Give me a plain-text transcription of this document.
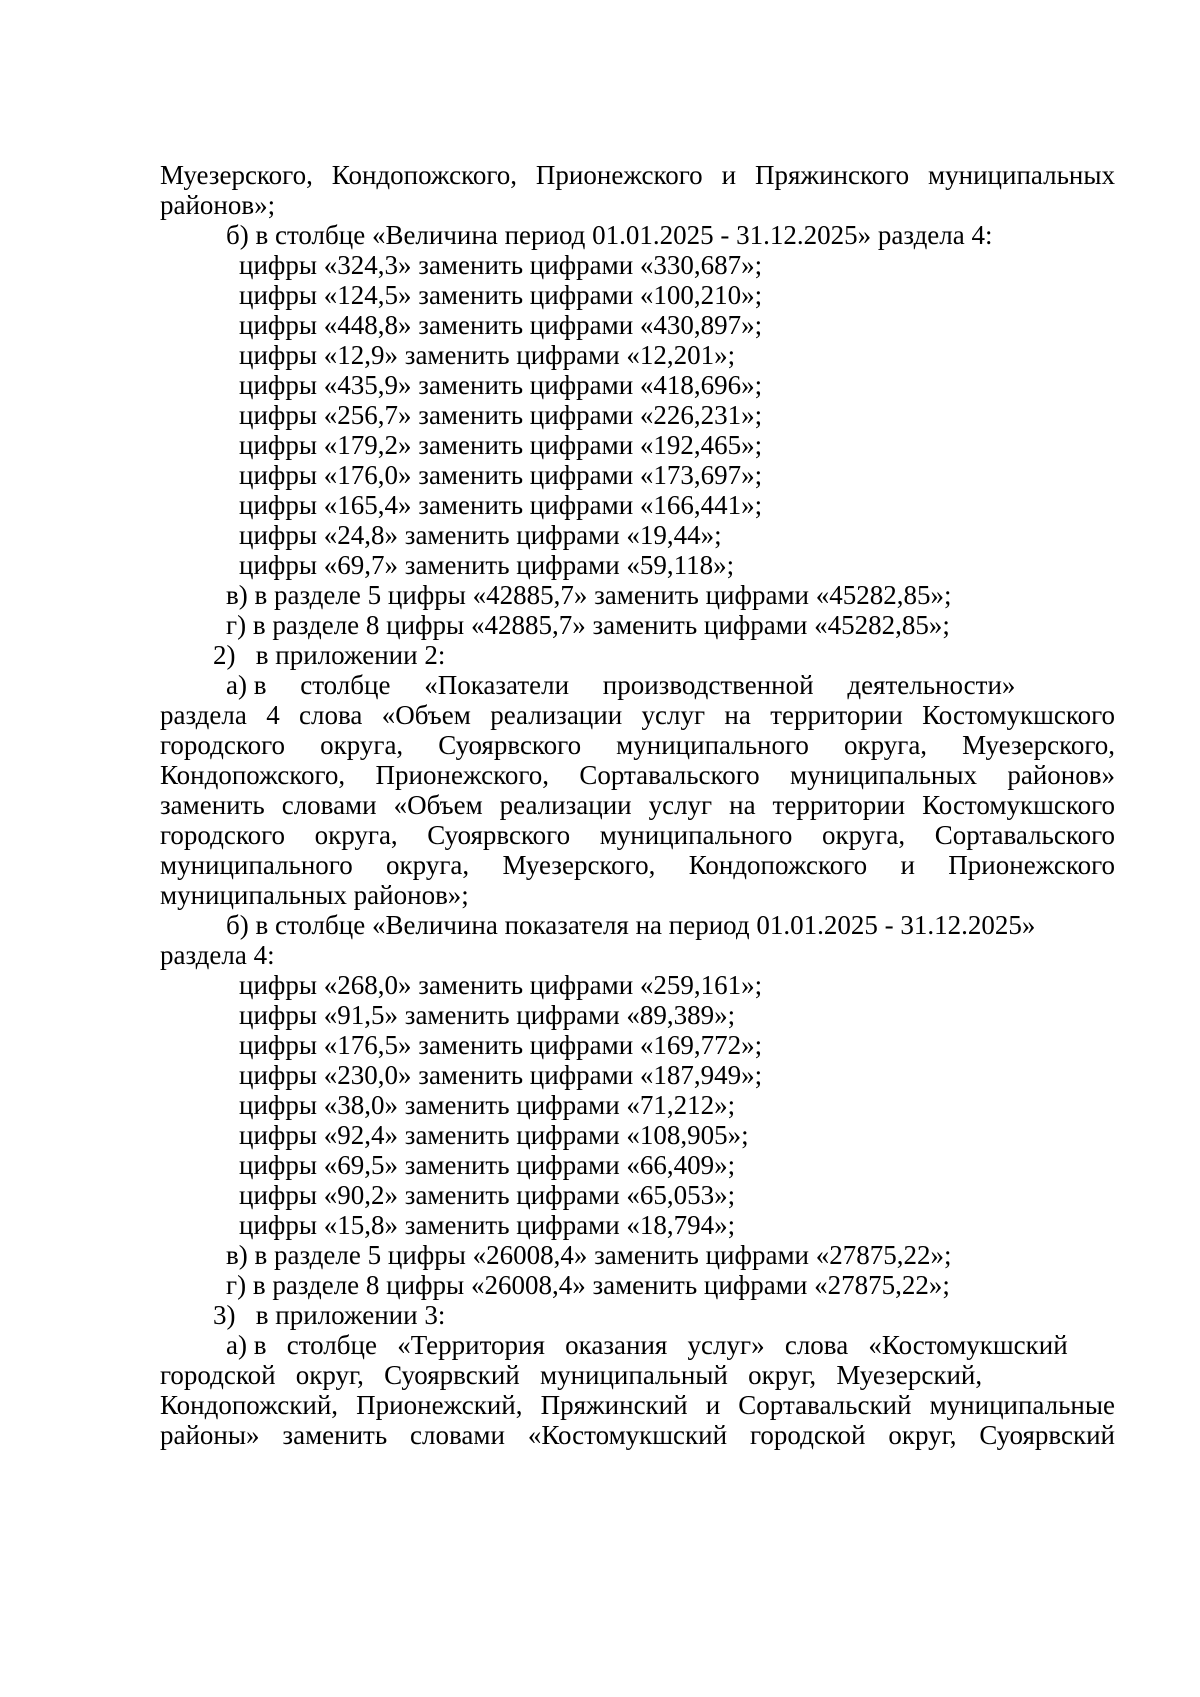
Муезерского, Кондопожского, Прионежского и Пряжинского муниципальных
районов»;
б) в столбце «Величина период 01.01.2025 - 31.12.2025» раздела 4:
цифры «324,3» заменить цифрами «330,687»;
цифры «124,5» заменить цифрами «100,210»;
цифры «448,8» заменить цифрами «430,897»;
цифры «12,9» заменить цифрами «12,201»;
цифры «435,9» заменить цифрами «418,696»;
цифры «256,7» заменить цифрами «226,231»;
цифры «179,2» заменить цифрами «192,465»;
цифры «176,0» заменить цифрами «173,697»;
цифры «165,4» заменить цифрами «166,441»;
цифры «24,8» заменить цифрами «19,44»;
цифры «69,7» заменить цифрами «59,118»;
в) в разделе 5 цифры «42885,7» заменить цифрами «45282,85»;
г) в разделе 8 цифры «42885,7» заменить цифрами «45282,85»;
2)   в приложении 2:
а) в     столбце     «Показатели     производственной     деятельности»
раздела 4 слова «Объем реализации услуг на территории Костомукшского
городского округа, Суоярвского муниципального округа, Муезерского,
Кондопожского, Прионежского, Сортавальского муниципальных районов»
заменить словами «Объем реализации услуг на территории Костомукшского
городского округа, Суоярвского муниципального округа, Сортавальского
муниципального округа, Муезерского, Кондопожского и Прионежского
муниципальных районов»;
б) в столбце «Величина показателя на период 01.01.2025 - 31.12.2025»
раздела 4:
цифры «268,0» заменить цифрами «259,161»;
цифры «91,5» заменить цифрами «89,389»;
цифры «176,5» заменить цифрами «169,772»;
цифры «230,0» заменить цифрами «187,949»;
цифры «38,0» заменить цифрами «71,212»;
цифры «92,4» заменить цифрами «108,905»;
цифры «69,5» заменить цифрами «66,409»;
цифры «90,2» заменить цифрами «65,053»;
цифры «15,8» заменить цифрами «18,794»;
в) в разделе 5 цифры «26008,4» заменить цифрами «27875,22»;
г) в разделе 8 цифры «26008,4» заменить цифрами «27875,22»;
3)   в приложении 3:
а) в   столбце   «Территория   оказания   услуг»   слова   «Костомукшский
городской   округ,   Суоярвский   муниципальный   округ,   Муезерский,
Кондопожский, Прионежский, Пряжинский и Сортавальский муниципальные
районы» заменить словами «Костомукшский городской округ, Суоярвский
